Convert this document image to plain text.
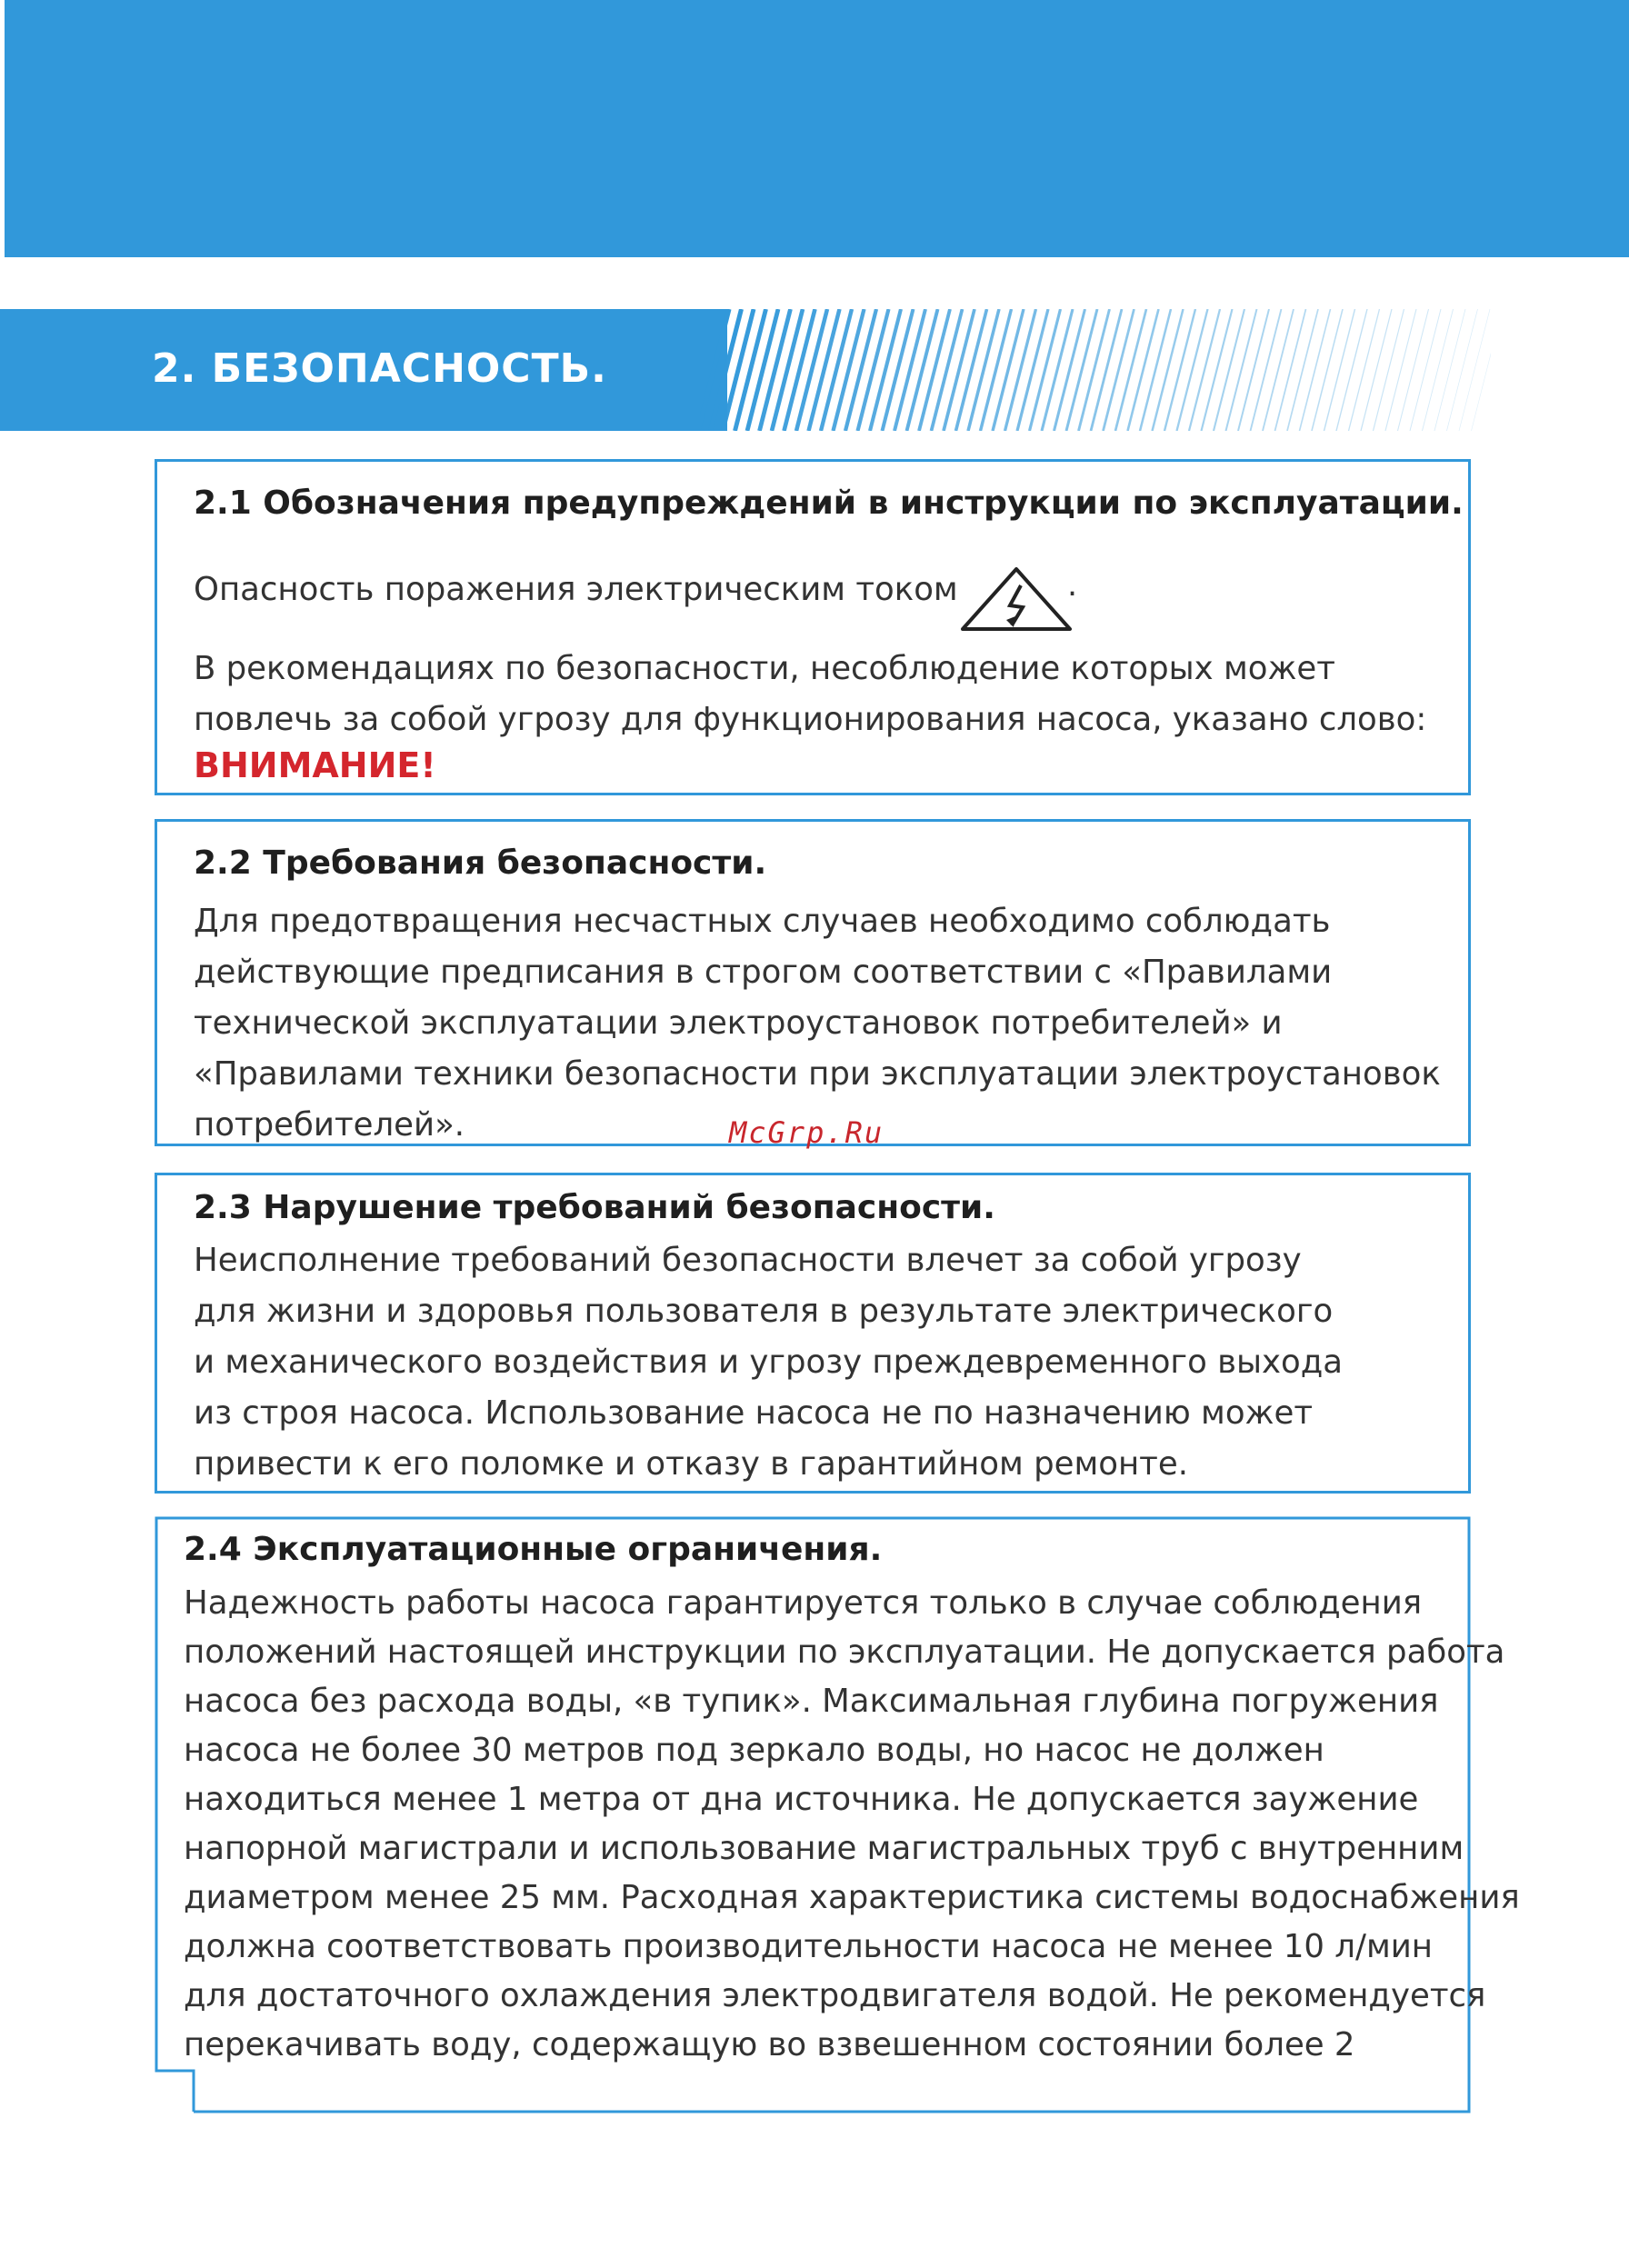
2. БЕЗОПАСНОСТЬ.

2.1 Обозначения предупреждений в инструкции по эксплуатации.

Опасность поражения электрическим током

В рекомендациях по безопасности, несоблюдение которых может

повлечь за собой угрозу для функционирования насоса, указано слово:

ВНИМАНИЕ!
.

2.2 Требования безопасности.

Для предотвращения несчастных случаев необходимо соблюдать

действующие предписания в строгом соответствии с «Правилами

технической эксплуатации электроустановок потребителей» и

«Правилами техники безопасности при эксплуатации электроустановок

потребителей».	McGrp.Ru

2.3 Нарушение требований безопасности.

Неисполнение требований безопасности влечет за собой угрозу

для жизни и здоровья пользователя в результате электрического

и механического воздействия и угрозу преждевременного выхода

из строя насоса. Использование насоса не по назначению может

привести к его поломке и отказу в гарантийном ремонте.

2.4 Эксплуатационные ограничения.

Надежность работы насоса гарантируется только в случае соблюдения

положений настоящей инструкции по эксплуатации. Не допускается работа

насоса без расхода воды, «в тупик». Максимальная глубина погружения

насоса не более 30 метров под зеркало воды, но насос не должен

находиться менее 1 метра от дна источника. Не допускается заужение

напорной магистрали и использование магистральных труб с внутренним

диаметром менее 25 мм. Расходная характеристика системы водоснабжения

должна соответствовать производительности насоса не менее 10 л/мин

для достаточного охлаждения электродвигателя водой. Не рекомендуется

перекачивать воду, содержащую во взвешенном состоянии более 2
